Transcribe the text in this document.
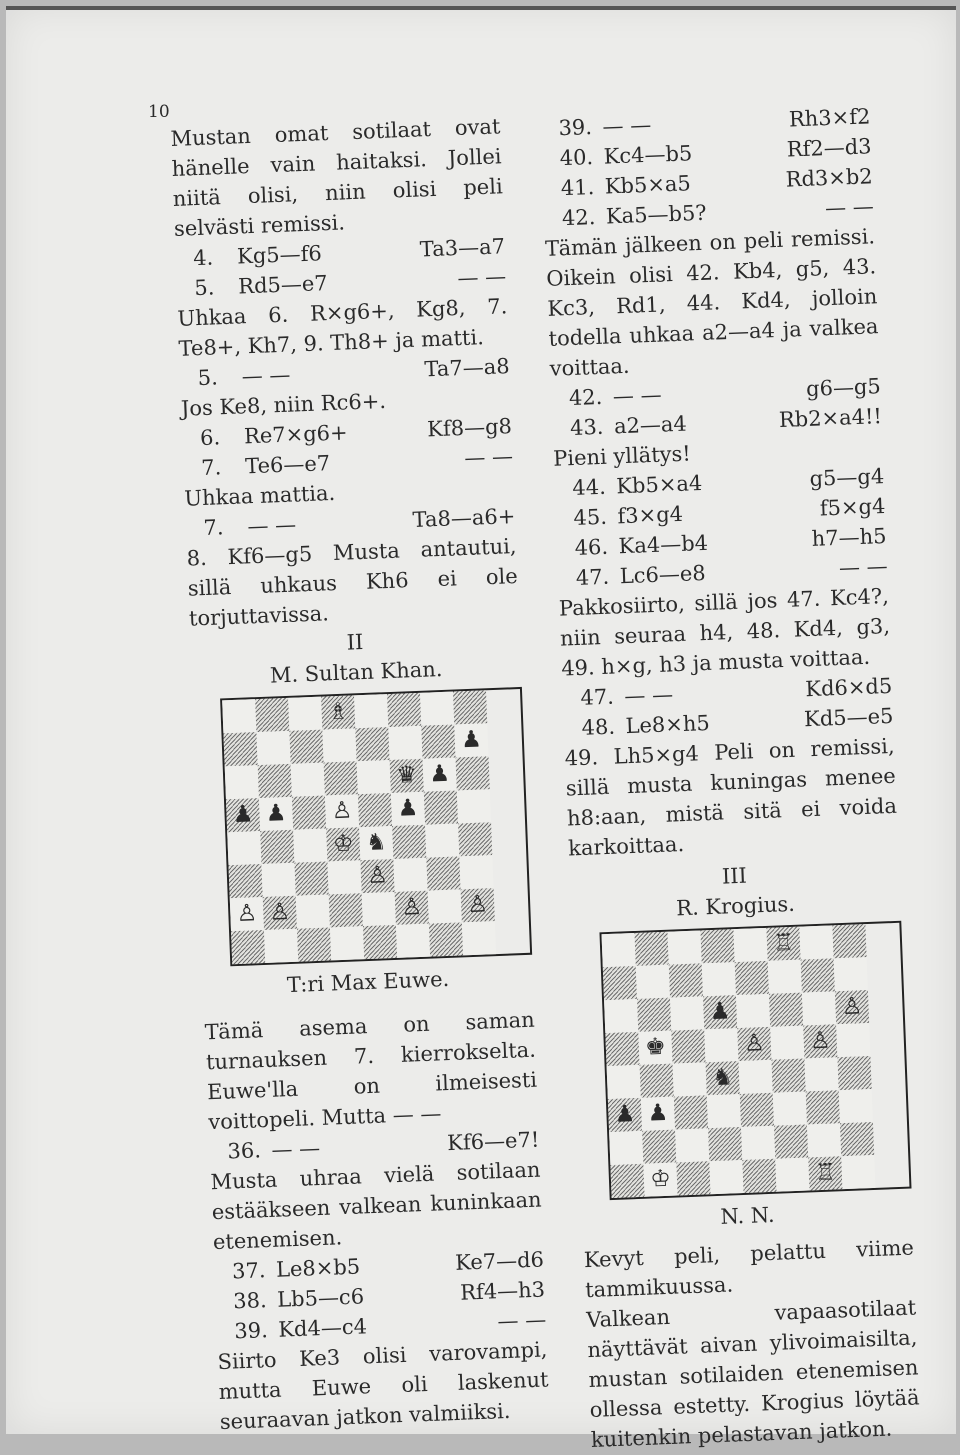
10

Mustan omat sotilaat ovat hänelle vain haitaksi. Jollei niitä olisi, niin olisi peli selvästi remissi.

4.	Kg5—f6	Ta3—a7
5.	Rd5—e7	— —

Uhkaa 6. R×g6+, Kg8, 7. Te8+, Kh7, 9. Th8+ ja matti.

5.	— —	Ta7—a8

Jos Ke8, niin Rc6+.

6.	Re7×g6+	Kf8—g8
7.	Te6—e7	— —

Uhkaa mattia.

7.	— —	Ta8—a6+

8. Kf6—g5 Musta antautui, sillä uhkaus Kh6 ei ole torjuttavissa.

II
M. Sultan Khan.
♗
♟
♛ ♟
♟ ♟ ♙ ♟
♔ ♞
♙
♙ ♙	♙ ♙
T:ri Max Euwe.

Tämä asema on saman turnauksen 7. kierrokselta. Euwe'lla on ilmeisesti voittopeli. Mutta — —

36. — —	Kf6—e7!

Musta uhraa vielä sotilaan estääkseen valkean kuninkaan etenemisen.

37. Le8×b5	Ke7—d6
38. Lb5—c6	Rf4—h3
39. Kd4—c4	— —

Siirto Ke3 olisi varovampi, mutta Euwe oli laskenut seuraavan jatkon valmiiksi.

39. — —	Rh3×f2
40. Kc4—b5	Rf2—d3
41. Kb5×a5	Rd3×b2
42. Ka5—b5?	— —

Tämän jälkeen on peli remissi. Oikein olisi 42. Kb4, g5, 43. Kc3, Rd1, 44. Kd4, jolloin todella uhkaa a2—a4 ja valkea voittaa.

42. — —	g6—g5
43. a2—a4	Rb2×a4!!

Pieni yllätys!

44. Kb5×a4	g5—g4
45. f3×g4	f5×g4
46. Ka4—b4	h7—h5
47. Lc6—e8	— —

Pakkosiirto, sillä jos 47. Kc4?, niin seuraa h4, 48. Kd4, g3, 49. h×g, h3 ja musta voittaa.

47. — —	Kd6×d5
48. Le8×h5	Kd5—e5

49. Lh5×g4 Peli on remissi, sillä musta kuningas menee h8:aan, mistä sitä ei voida karkoittaa.

III
R. Krogius.
♖
♟	♙
♚	♙ ♙
♞
♟ ♟
♔	♖
N. N.

Kevyt peli, pelattu viime tammikuussa.

Valkean vapaasotilaat näyttävät aivan ylivoimaisilta, mustan sotilaiden etenemisen ollessa estetty. Krogius löytää kuitenkin pelastavan jatkon.
